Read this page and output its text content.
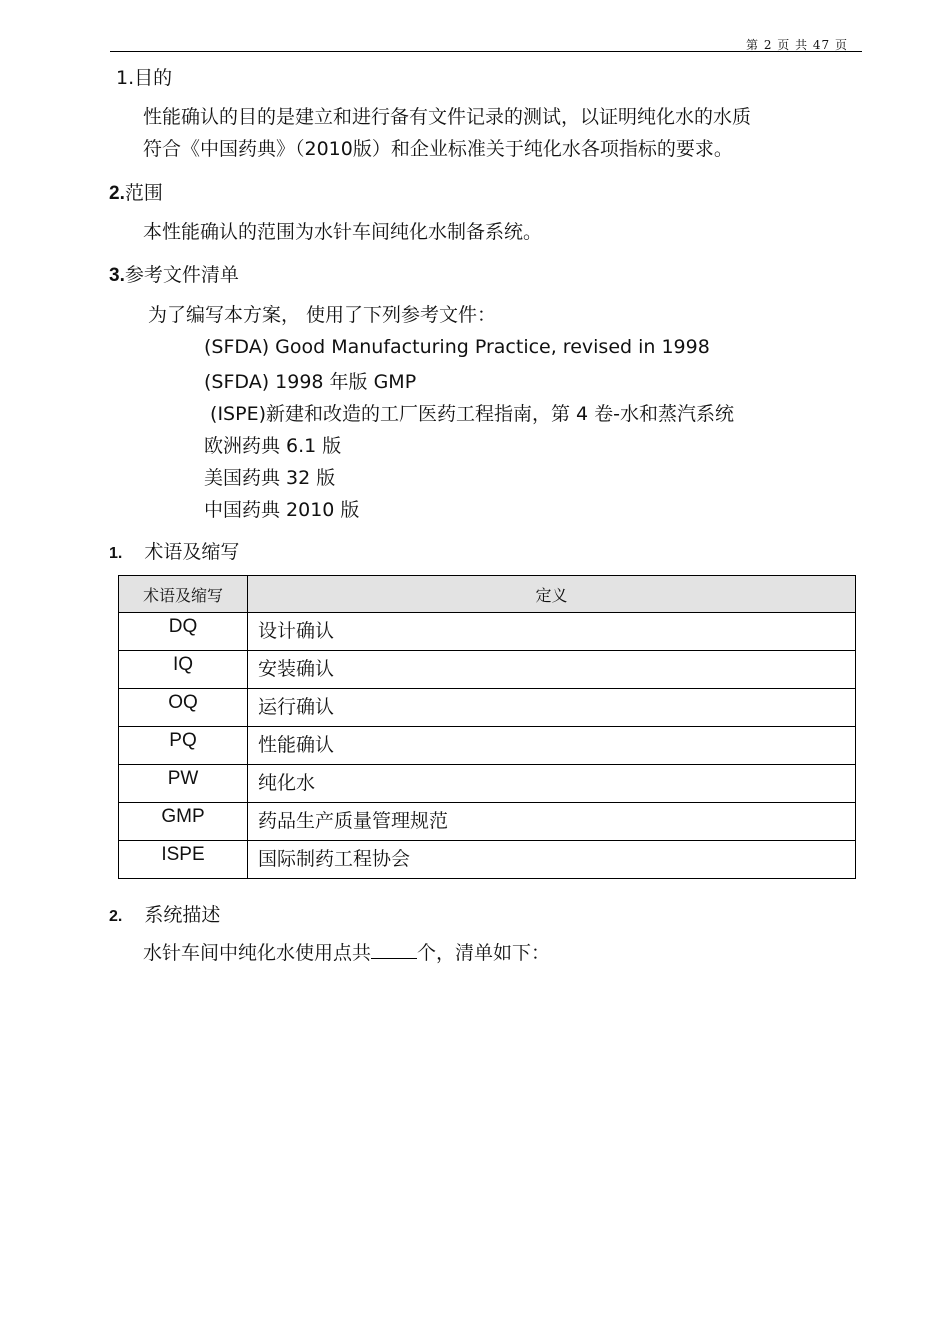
第 2 页 共 47 页
1.目的
性能确认的目的是建立和进行备有文件记录的测试，以证明纯化水的水质
符合《中国药典》（2010版）和企业标准关于纯化水各项指标的要求。
2.范围
本性能确认的范围为水针车间纯化水制备系统。
3.参考文件清单
为了编写本方案， 使用了下列参考文件：
(SFDA) Good Manufacturing Practice, revised in 1998
(SFDA) 1998 年版 GMP
(ISPE)新建和改造的工厂医药工程指南，第 4 卷-水和蒸汽系统
欧洲药典 6.1 版
美国药典 32 版
中国药典 2010 版
1. 术语及缩写
术语及缩写	定义
DQ	设计确认
IQ	安装确认
OQ	运行确认
PQ	性能确认
PW	纯化水
GMP	药品生产质量管理规范
ISPE	国际制药工程协会
2. 系统描述
水针车间中纯化水使用点共 个，清单如下：
